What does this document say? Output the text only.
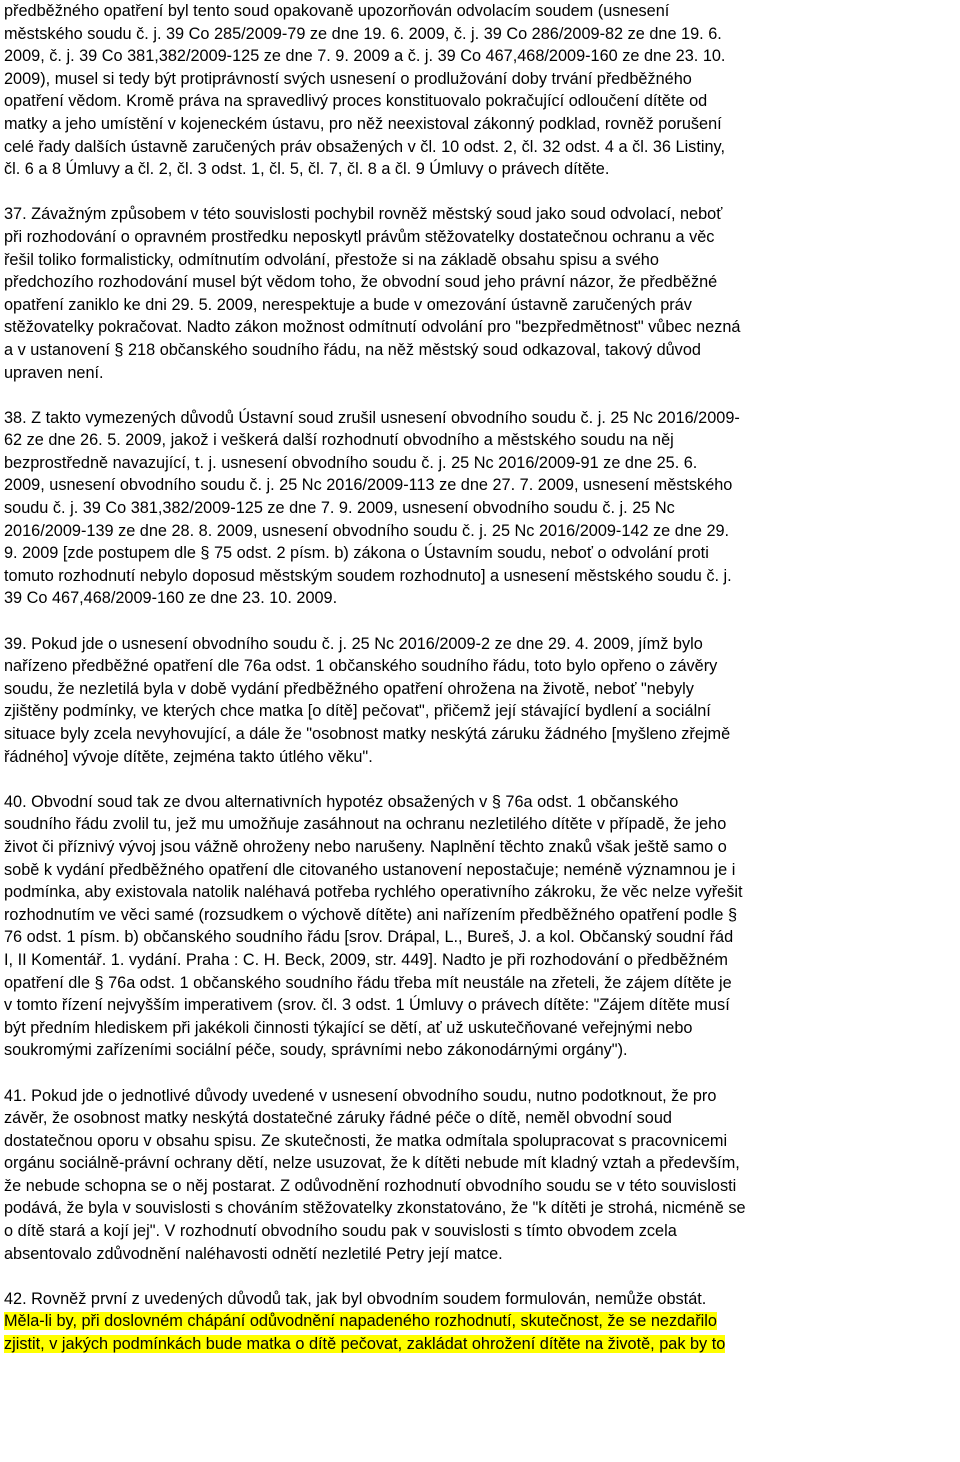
předběžného opatření byl tento soud opakovaně upozorňován odvolacím soudem (usnesení
městského soudu č. j. 39 Co 285/2009-79 ze dne 19. 6. 2009, č. j. 39 Co 286/2009-82 ze dne 19. 6.
2009, č. j. 39 Co 381,382/2009-125 ze dne 7. 9. 2009 a č. j. 39 Co 467,468/2009-160 ze dne 23. 10.
2009), musel si tedy být protiprávností svých usnesení o prodlužování doby trvání předběžného
opatření vědom. Kromě práva na spravedlivý proces konstituovalo pokračující odloučení dítěte od
matky a jeho umístění v kojeneckém ústavu, pro něž neexistoval zákonný podklad, rovněž porušení
celé řady dalších ústavně zaručených práv obsažených v čl. 10 odst. 2, čl. 32 odst. 4 a čl. 36 Listiny,
čl. 6 a 8 Úmluvy a čl. 2, čl. 3 odst. 1, čl. 5, čl. 7, čl. 8 a čl. 9 Úmluvy o právech dítěte.
37. Závažným způsobem v této souvislosti pochybil rovněž městský soud jako soud odvolací, neboť
při rozhodování o opravném prostředku neposkytl právům stěžovatelky dostatečnou ochranu a věc
řešil toliko formalisticky, odmítnutím odvolání, přestože si na základě obsahu spisu a svého
předchozího rozhodování musel být vědom toho, že obvodní soud jeho právní názor, že předběžné
opatření zaniklo ke dni 29. 5. 2009, nerespektuje a bude v omezování ústavně zaručených práv
stěžovatelky pokračovat. Nadto zákon možnost odmítnutí odvolání pro "bezpředmětnost" vůbec nezná
a v ustanovení § 218 občanského soudního řádu, na něž městský soud odkazoval, takový důvod
upraven není.
38. Z takto vymezených důvodů Ústavní soud zrušil usnesení obvodního soudu č. j. 25 Nc 2016/2009-
62 ze dne 26. 5. 2009, jakož i veškerá další rozhodnutí obvodního a městského soudu na něj
bezprostředně navazující, t. j. usnesení obvodního soudu č. j. 25 Nc 2016/2009-91 ze dne 25. 6.
2009, usnesení obvodního soudu č. j. 25 Nc 2016/2009-113 ze dne 27. 7. 2009, usnesení městského
soudu č. j. 39 Co 381,382/2009-125 ze dne 7. 9. 2009, usnesení obvodního soudu č. j. 25 Nc
2016/2009-139 ze dne 28. 8. 2009, usnesení obvodního soudu č. j. 25 Nc 2016/2009-142 ze dne 29.
9. 2009 [zde postupem dle § 75 odst. 2 písm. b) zákona o Ústavním soudu, neboť o odvolání proti
tomuto rozhodnutí nebylo doposud městským soudem rozhodnuto] a usnesení městského soudu č. j.
39 Co 467,468/2009-160 ze dne 23. 10. 2009.
39. Pokud jde o usnesení obvodního soudu č. j. 25 Nc 2016/2009-2 ze dne 29. 4. 2009, jímž bylo
nařízeno předběžné opatření dle 76a odst. 1 občanského soudního řádu, toto bylo opřeno o závěry
soudu, že nezletilá byla v době vydání předběžného opatření ohrožena na životě, neboť "nebyly
zjištěny podmínky, ve kterých chce matka [o dítě] pečovat", přičemž její stávající bydlení a sociální
situace byly zcela nevyhovující, a dále že "osobnost matky neskýtá záruku žádného [myšleno zřejmě
řádného] vývoje dítěte, zejména takto útlého věku".
40. Obvodní soud tak ze dvou alternativních hypotéz obsažených v § 76a odst. 1 občanského
soudního řádu zvolil tu, jež mu umožňuje zasáhnout na ochranu nezletilého dítěte v případě, že jeho
život či příznivý vývoj jsou vážně ohroženy nebo narušeny. Naplnění těchto znaků však ještě samo o
sobě k vydání předběžného opatření dle citovaného ustanovení nepostačuje; neméně významnou je i
podmínka, aby existovala natolik naléhavá potřeba rychlého operativního zákroku, že věc nelze vyřešit
rozhodnutím ve věci samé (rozsudkem o výchově dítěte) ani nařízením předběžného opatření podle §
76 odst. 1 písm. b) občanského soudního řádu [srov. Drápal, L., Bureš, J. a kol. Občanský soudní řád
I, II Komentář. 1. vydání. Praha : C. H. Beck, 2009, str. 449]. Nadto je při rozhodování o předběžném
opatření dle § 76a odst. 1 občanského soudního řádu třeba mít neustále na zřeteli, že zájem dítěte je
v tomto řízení nejvyšším imperativem (srov. čl. 3 odst. 1 Úmluvy o právech dítěte: "Zájem dítěte musí
být předním hlediskem při jakékoli činnosti týkající se dětí, ať už uskutečňované veřejnými nebo
soukromými zařízeními sociální péče, soudy, správními nebo zákonodárnými orgány").
41. Pokud jde o jednotlivé důvody uvedené v usnesení obvodního soudu, nutno podotknout, že pro
závěr, že osobnost matky neskýtá dostatečné záruky řádné péče o dítě, neměl obvodní soud
dostatečnou oporu v obsahu spisu. Ze skutečnosti, že matka odmítala spolupracovat s pracovnicemi
orgánu sociálně-právní ochrany dětí, nelze usuzovat, že k dítěti nebude mít kladný vztah a především,
že nebude schopna se o něj postarat. Z odůvodnění rozhodnutí obvodního soudu se v této souvislosti
podává, že byla v souvislosti s chováním stěžovatelky zkonstatováno, že "k dítěti je strohá, nicméně se
o dítě stará a kojí jej". V rozhodnutí obvodního soudu pak v souvislosti s tímto obvodem zcela
absentovalo zdůvodnění naléhavosti odnětí nezletilé Petry její matce.
42. Rovněž první z uvedených důvodů tak, jak byl obvodním soudem formulován, nemůže obstát.
Měla-li by, při doslovném chápání odůvodnění napadeného rozhodnutí, skutečnost, že se nezdařilo
zjistit, v jakých podmínkách bude matka o dítě pečovat, zakládat ohrožení dítěte na životě, pak by to
